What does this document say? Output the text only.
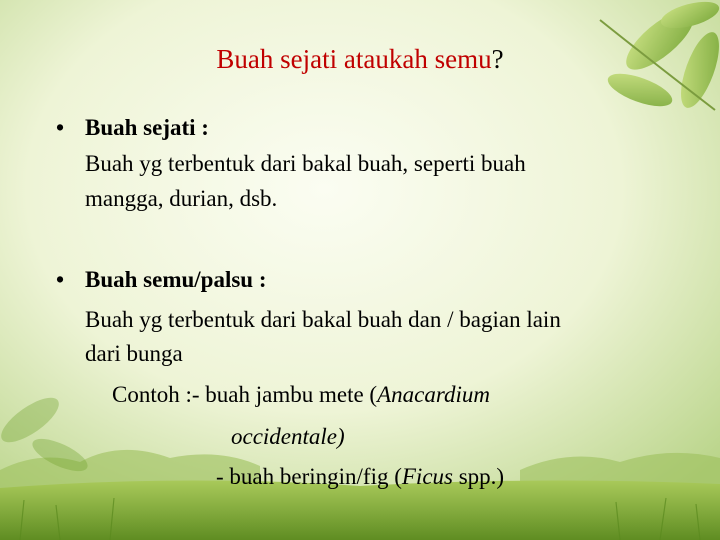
Buah sejati ataukah semu?
• Buah sejati :
Buah yg terbentuk dari bakal buah, seperti buah
mangga, durian, dsb.
• Buah semu/palsu :
Buah yg terbentuk dari bakal buah dan / bagian lain
dari bunga
Contoh :- buah jambu mete (Anacardium
occidentale)
- buah beringin/fig (Ficus spp.)
